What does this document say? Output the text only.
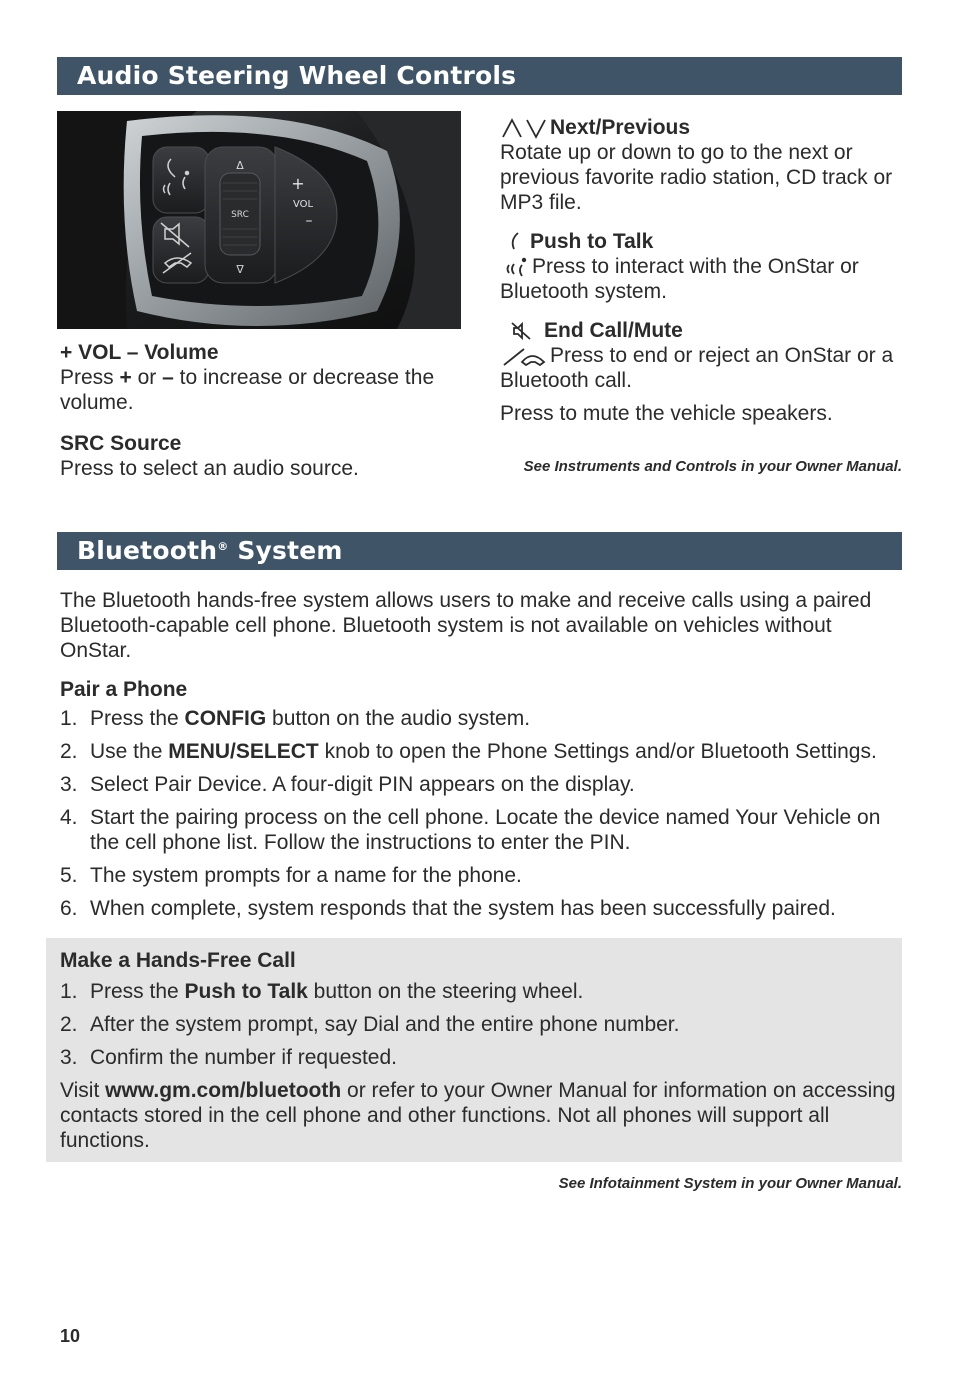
Audio Steering Wheel Controls
SRC
Δ
∇
+
VOL
–

+ VOL – Volume

Press + or – to increase or decrease the volume.

SRC Source

Press to select an audio source.

Next/Previous

Rotate up or down to go to the next or previous favorite radio station, CD track or MP3 file.

Push to Talk

Press to interact with the OnStar or Bluetooth system.

End Call/Mute

Press to end or reject an OnStar or a Bluetooth call.

Press to mute the vehicle speakers.

See Instruments and Controls in your Owner Manual.
Bluetooth® System

The Bluetooth hands-free system allows users to make and receive calls using a paired Bluetooth-capable cell phone. Bluetooth system is not available on vehicles without OnStar.

Pair a Phone

1. Press the CONFIG button on the audio system.
2. Use the MENU/SELECT knob to open the Phone Settings and/or Bluetooth Settings.
3. Select Pair Device. A four-digit PIN appears on the display.
4. Start the pairing process on the cell phone. Locate the device named Your Vehicle on the cell phone list. Follow the instructions to enter the PIN.
5. The system prompts for a name for the phone.
6. When complete, system responds that the system has been successfully paired.

Make a Hands-Free Call

1. Press the Push to Talk button on the steering wheel.
2. After the system prompt, say Dial and the entire phone number.
3. Confirm the number if requested.

Visit www.gm.com/bluetooth or refer to your Owner Manual for information on accessing contacts stored in the cell phone and other functions. Not all phones will support all functions.

See Infotainment System in your Owner Manual.
10
